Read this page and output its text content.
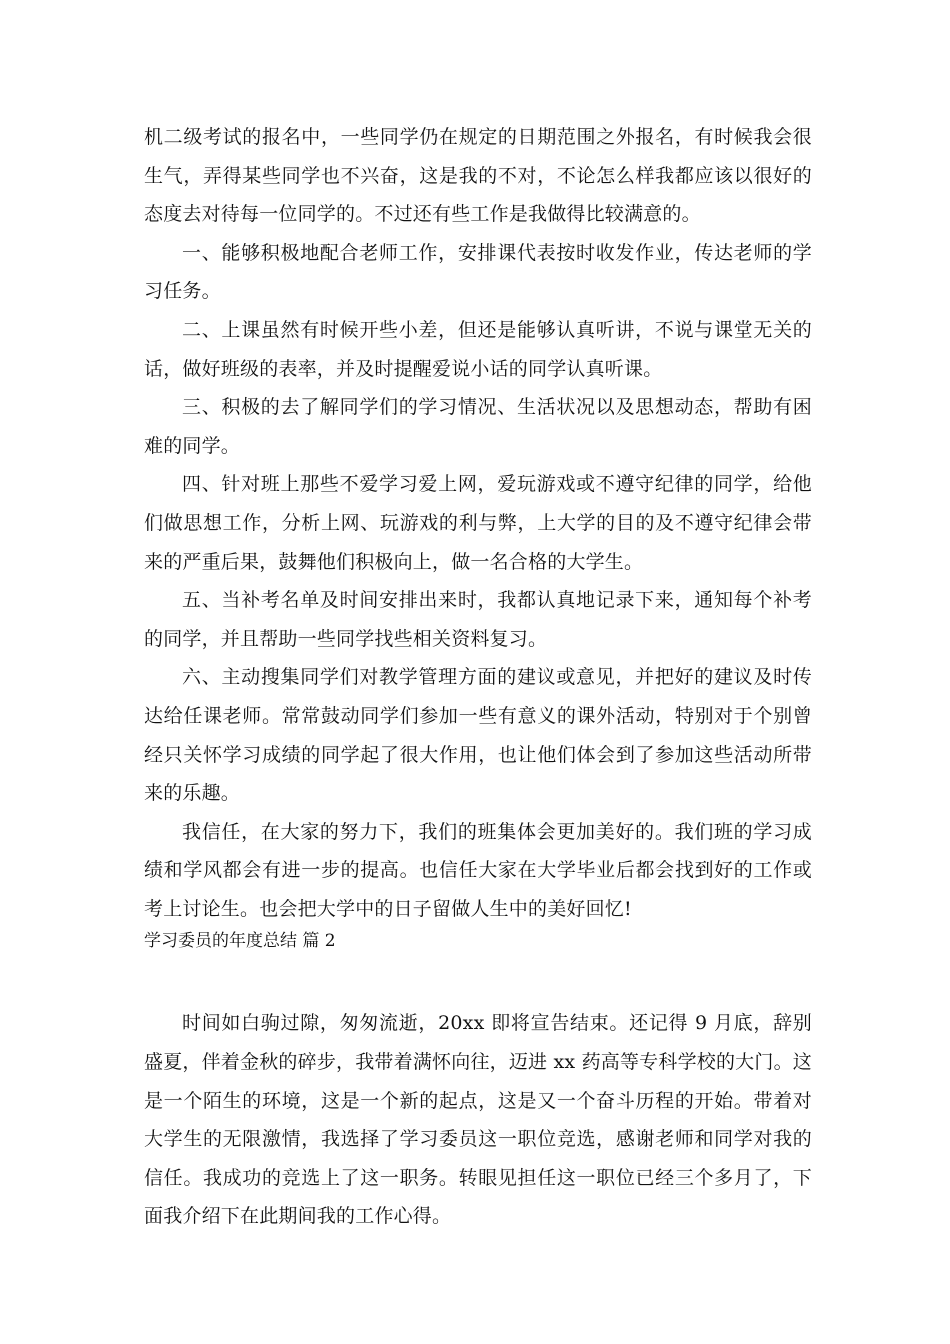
机二级考试的报名中，一些同学仍在规定的日期范围之外报名，有时候我会很生气，弄得某些同学也不兴奋，这是我的不对，不论怎么样我都应该以很好的态度去对待每一位同学的。不过还有些工作是我做得比较满意的。

一、能够积极地配合老师工作，安排课代表按时收发作业，传达老师的学习任务。

二、上课虽然有时候开些小差，但还是能够认真听讲，不说与课堂无关的话，做好班级的表率，并及时提醒爱说小话的同学认真听课。

三、积极的去了解同学们的学习情况、生活状况以及思想动态，帮助有困难的同学。

四、针对班上那些不爱学习爱上网，爱玩游戏或不遵守纪律的同学，给他们做思想工作，分析上网、玩游戏的利与弊，上大学的目的及不遵守纪律会带来的严重后果，鼓舞他们积极向上，做一名合格的大学生。

五、当补考名单及时间安排出来时，我都认真地记录下来，通知每个补考的同学，并且帮助一些同学找些相关资料复习。

六、主动搜集同学们对教学管理方面的建议或意见，并把好的建议及时传达给任课老师。常常鼓动同学们参加一些有意义的课外活动，特别对于个别曾经只关怀学习成绩的同学起了很大作用，也让他们体会到了参加这些活动所带来的乐趣。

我信任，在大家的努力下，我们的班集体会更加美好的。我们班的学习成绩和学风都会有进一步的提高。也信任大家在大学毕业后都会找到好的工作或考上讨论生。也会把大学中的日子留做人生中的美好回忆!

学习委员的年度总结 篇 2

时间如白驹过隙，匆匆流逝，20xx 即将宣告结束。还记得 9 月底，辞别盛夏，伴着金秋的碎步，我带着满怀向往，迈进 xx 药高等专科学校的大门。这是一个陌生的环境，这是一个新的起点，这是又一个奋斗历程的开始。带着对大学生的无限激情，我选择了学习委员这一职位竞选，感谢老师和同学对我的信任。我成功的竞选上了这一职务。转眼见担任这一职位已经三个多月了，下面我介绍下在此期间我的工作心得。
